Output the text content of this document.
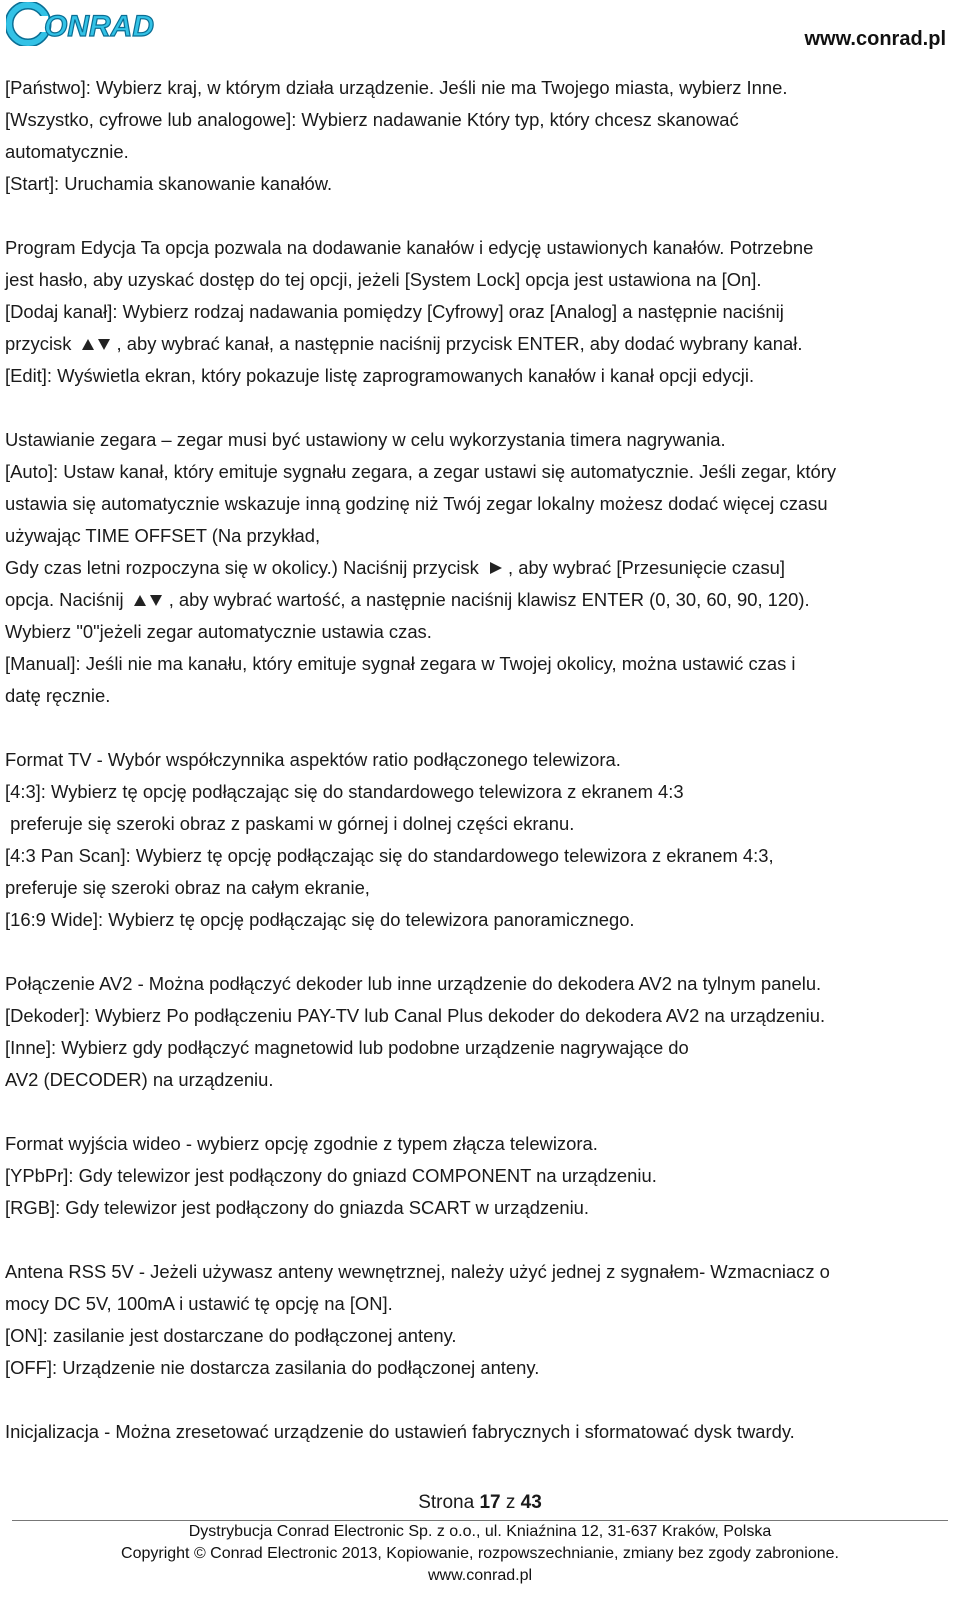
ONRAD	www.conrad.pl

[Państwo]: Wybierz kraj, w którym działa urządzenie. Jeśli nie ma Twojego miasta, wybierz Inne.

[Wszystko, cyfrowe lub analogowe]: Wybierz nadawanie Który typ, który chcesz skanować

automatycznie.

[Start]: Uruchamia skanowanie kanałów.

Program Edycja Ta opcja pozwala na dodawanie kanałów i edycję ustawionych kanałów. Potrzebne

jest hasło, aby uzyskać dostęp do tej opcji, jeżeli [System Lock] opcja jest ustawiona na [On].

[Dodaj kanał]: Wybierz rodzaj nadawania pomiędzy [Cyfrowy] oraz [Analog] a następnie naciśnij

przycisk , aby wybrać kanał, a następnie naciśnij przycisk ENTER, aby dodać wybrany kanał.

[Edit]: Wyświetla ekran, który pokazuje listę zaprogramowanych kanałów i kanał opcji edycji.

Ustawianie zegara – zegar musi być ustawiony w celu wykorzystania timera nagrywania.

[Auto]: Ustaw kanał, który emituje sygnału zegara, a zegar ustawi się automatycznie. Jeśli zegar, który

ustawia się automatycznie wskazuje inną godzinę niż Twój zegar lokalny możesz dodać więcej czasu

używając TIME OFFSET (Na przykład,

Gdy czas letni rozpoczyna się w okolicy.) Naciśnij przycisk , aby wybrać [Przesunięcie czasu]

opcja. Naciśnij , aby wybrać wartość, a następnie naciśnij klawisz ENTER (0, 30, 60, 90, 120).

Wybierz "0"jeżeli zegar automatycznie ustawia czas.

[Manual]: Jeśli nie ma kanału, który emituje sygnał zegara w Twojej okolicy, można ustawić czas i

datę ręcznie.

Format TV - Wybór współczynnika aspektów ratio podłączonego telewizora.

[4:3]: Wybierz tę opcję podłączając się do standardowego telewizora z ekranem 4:3

preferuje się szeroki obraz z paskami w górnej i dolnej części ekranu.

[4:3 Pan Scan]: Wybierz tę opcję podłączając się do standardowego telewizora z ekranem 4:3,

preferuje się szeroki obraz na całym ekranie,

[16:9 Wide]: Wybierz tę opcję podłączając się do telewizora panoramicznego.

Połączenie AV2 - Można podłączyć dekoder lub inne urządzenie do dekodera AV2 na tylnym panelu.

[Dekoder]: Wybierz Po podłączeniu PAY-TV lub Canal Plus dekoder do dekodera AV2 na urządzeniu.

[Inne]: Wybierz gdy podłączyć magnetowid lub podobne urządzenie nagrywające do

AV2 (DECODER) na urządzeniu.

Format wyjścia wideo - wybierz opcję zgodnie z typem złącza telewizora.

[YPbPr]: Gdy telewizor jest podłączony do gniazd COMPONENT na urządzeniu.

[RGB]: Gdy telewizor jest podłączony do gniazda SCART w urządzeniu.

Antena RSS 5V - Jeżeli używasz anteny wewnętrznej, należy użyć jednej z sygnałem- Wzmacniacz o

mocy DC 5V, 100mA i ustawić tę opcję na [ON].

[ON]: zasilanie jest dostarczane do podłączonej anteny.

[OFF]: Urządzenie nie dostarcza zasilania do podłączonej anteny.

Inicjalizacja - Można zresetować urządzenie do ustawień fabrycznych i sformatować dysk twardy.

Strona 17 z 43
Dystrybucja Conrad Electronic Sp. z o.o., ul. Kniaźnina 12, 31-637 Kraków, Polska
Copyright © Conrad Electronic 2013, Kopiowanie, rozpowszechnianie, zmiany bez zgody zabronione.
www.conrad.pl
